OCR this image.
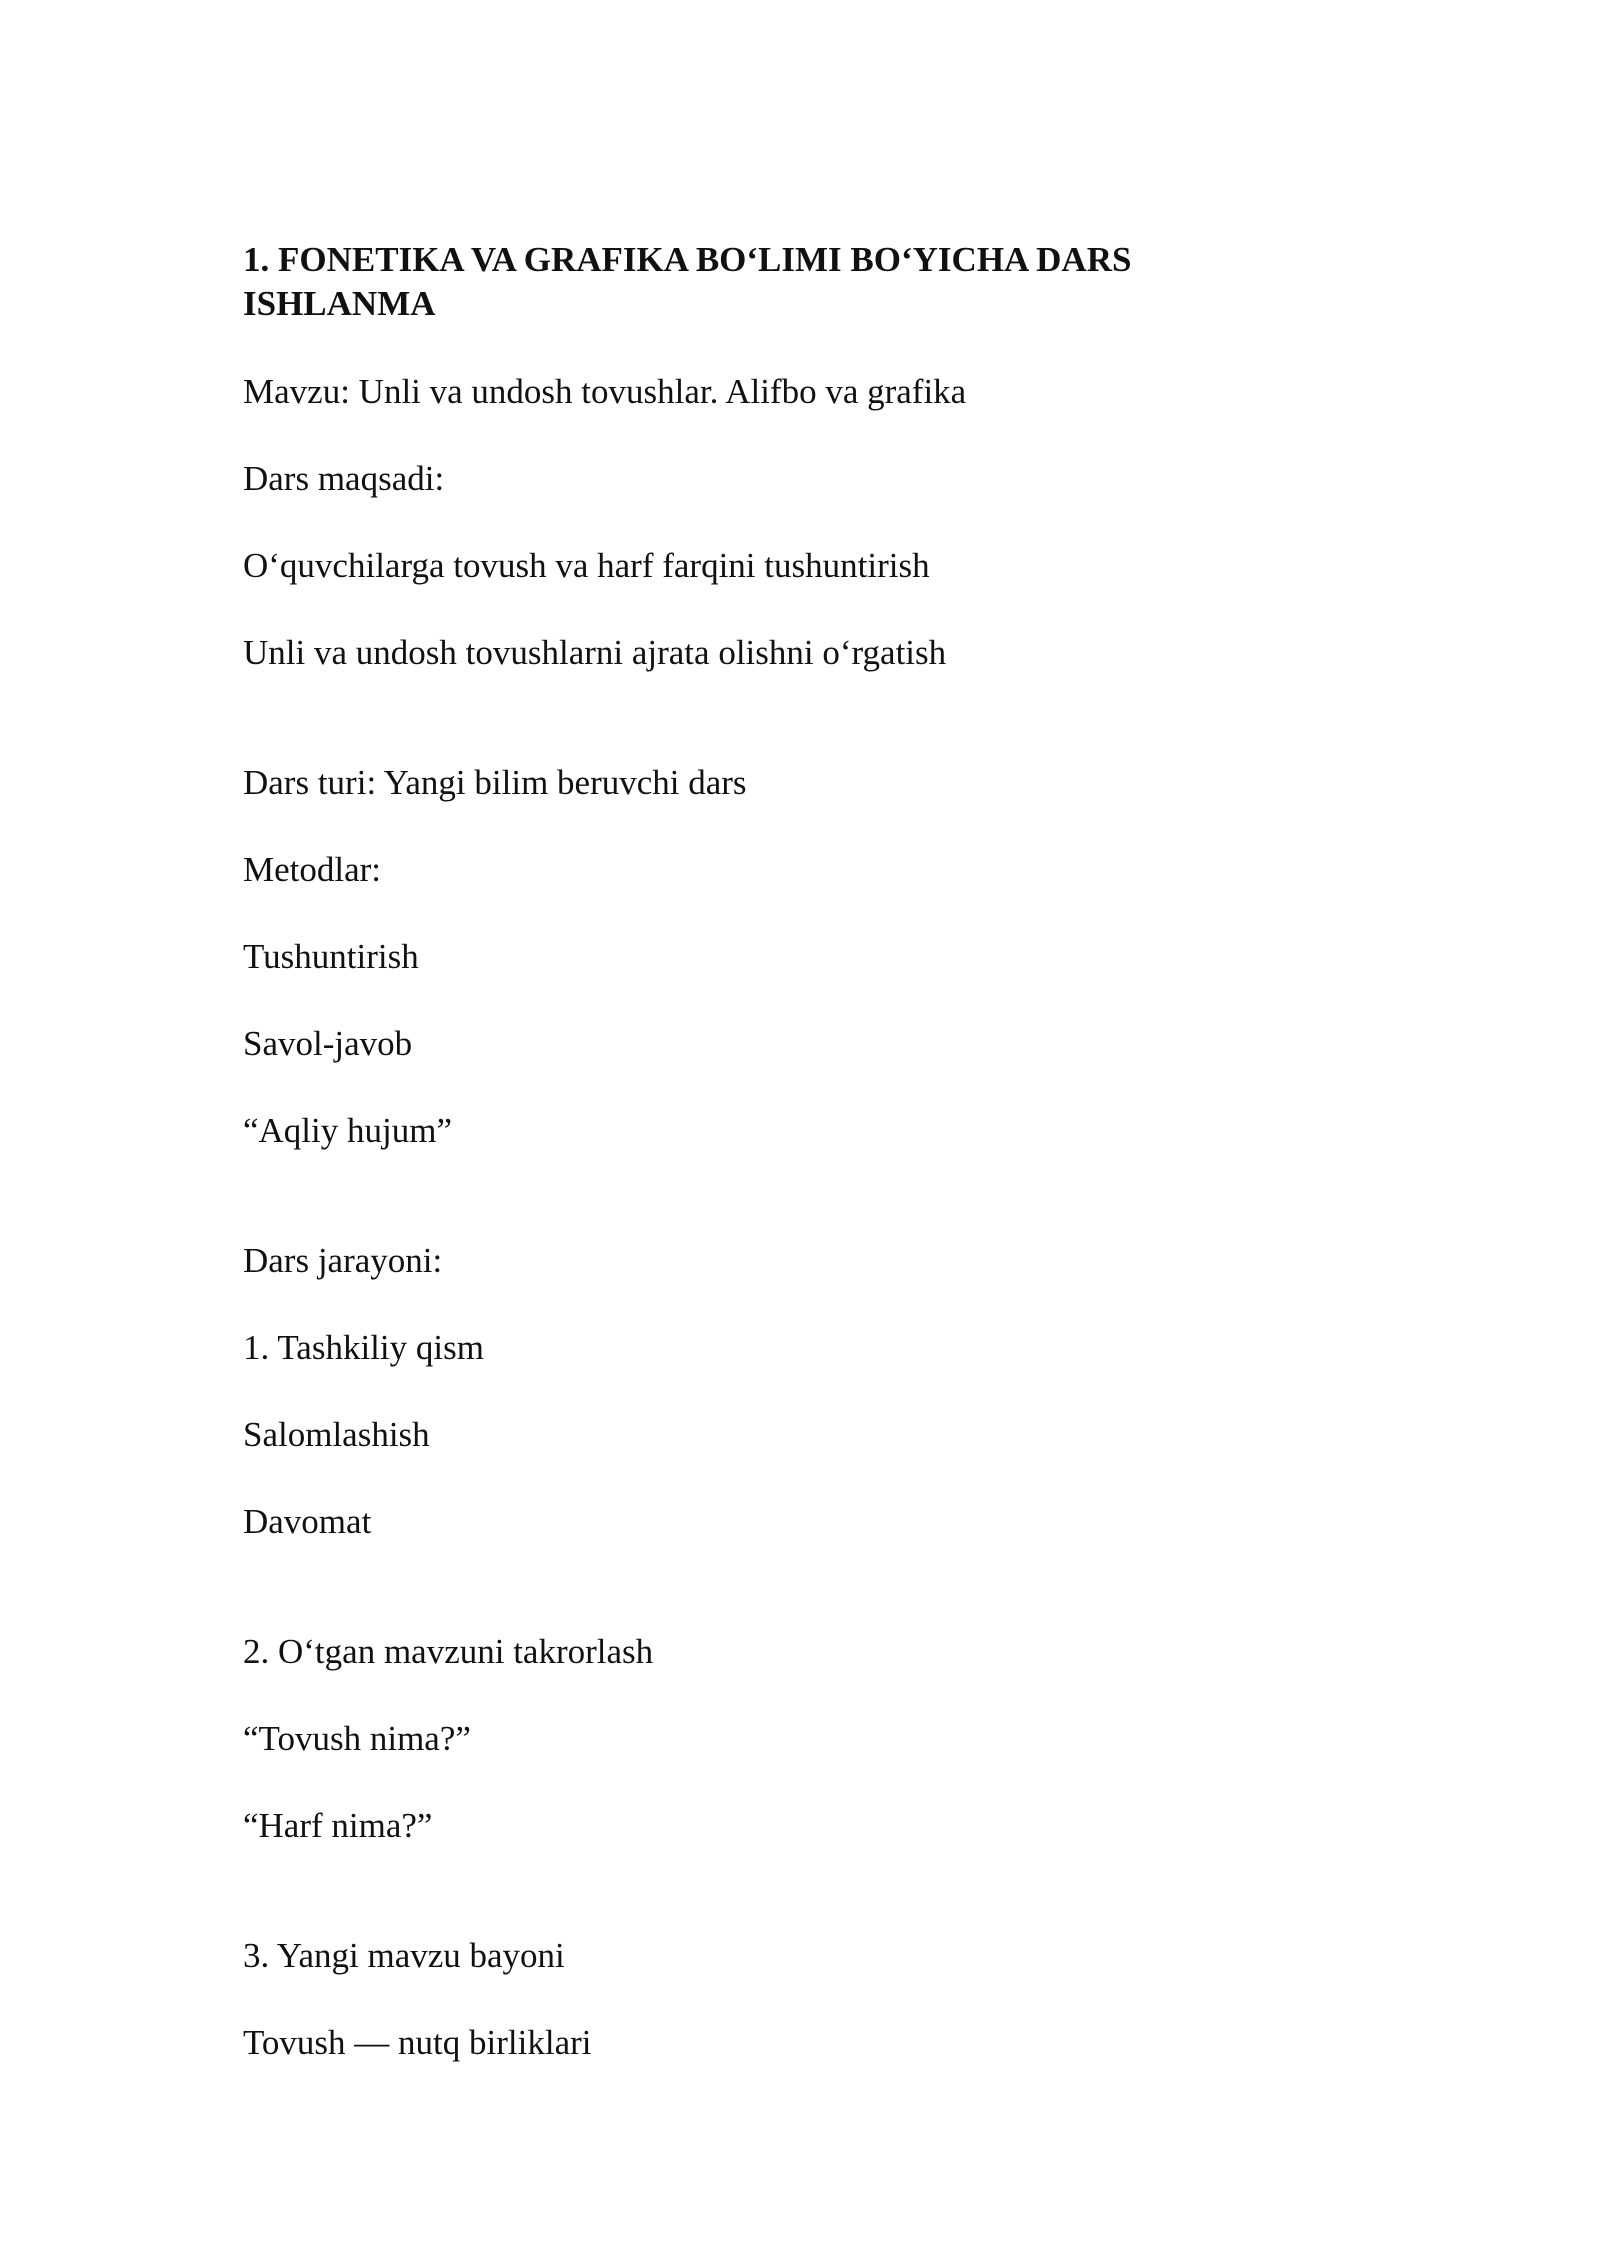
1. FONETIKA VA GRAFIKA BO‘LIMI BO‘YICHA DARS ISHLANMA

Mavzu: Unli va undosh tovushlar. Alifbo va grafika

Dars maqsadi:

O‘quvchilarga tovush va harf farqini tushuntirish

Unli va undosh tovushlarni ajrata olishni o‘rgatish

Dars turi: Yangi bilim beruvchi dars

Metodlar:

Tushuntirish

Savol-javob

“Aqliy hujum”

Dars jarayoni:

1. Tashkiliy qism

Salomlashish

Davomat

2. O‘tgan mavzuni takrorlash

“Tovush nima?”

“Harf nima?”

3. Yangi mavzu bayoni

Tovush — nutq birliklari
